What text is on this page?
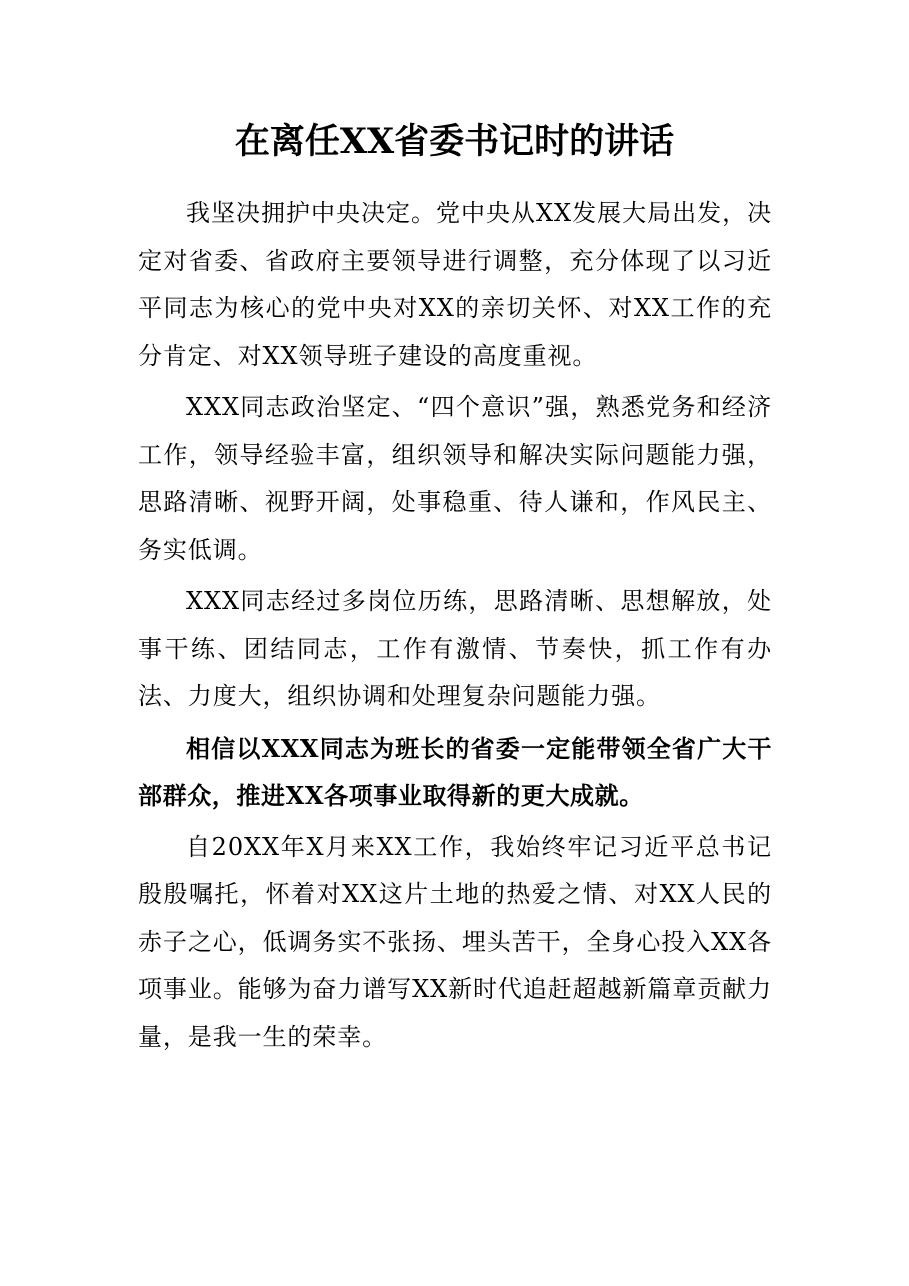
在离任XX省委书记时的讲话

我坚决拥护中央决定。党中央从XX发展大局出发，决定对省委、省政府主要领导进行调整，充分体现了以习近平同志为核心的党中央对XX的亲切关怀、对XX工作的充分肯定、对XX领导班子建设的高度重视。

XXX同志政治坚定、“四个意识”强，熟悉党务和经济工作，领导经验丰富，组织领导和解决实际问题能力强，思路清晰、视野开阔，处事稳重、待人谦和，作风民主、务实低调。

XXX同志经过多岗位历练，思路清晰、思想解放，处事干练、团结同志，工作有激情、节奏快，抓工作有办法、力度大，组织协调和处理复杂问题能力强。

相信以XXX同志为班长的省委一定能带领全省广大干部群众，推进XX各项事业取得新的更大成就。

自20XX年X月来XX工作，我始终牢记习近平总书记殷殷嘱托，怀着对XX这片土地的热爱之情、对XX人民的赤子之心，低调务实不张扬、埋头苦干，全身心投入XX各项事业。能够为奋力谱写XX新时代追赶超越新篇章贡献力量，是我一生的荣幸。
